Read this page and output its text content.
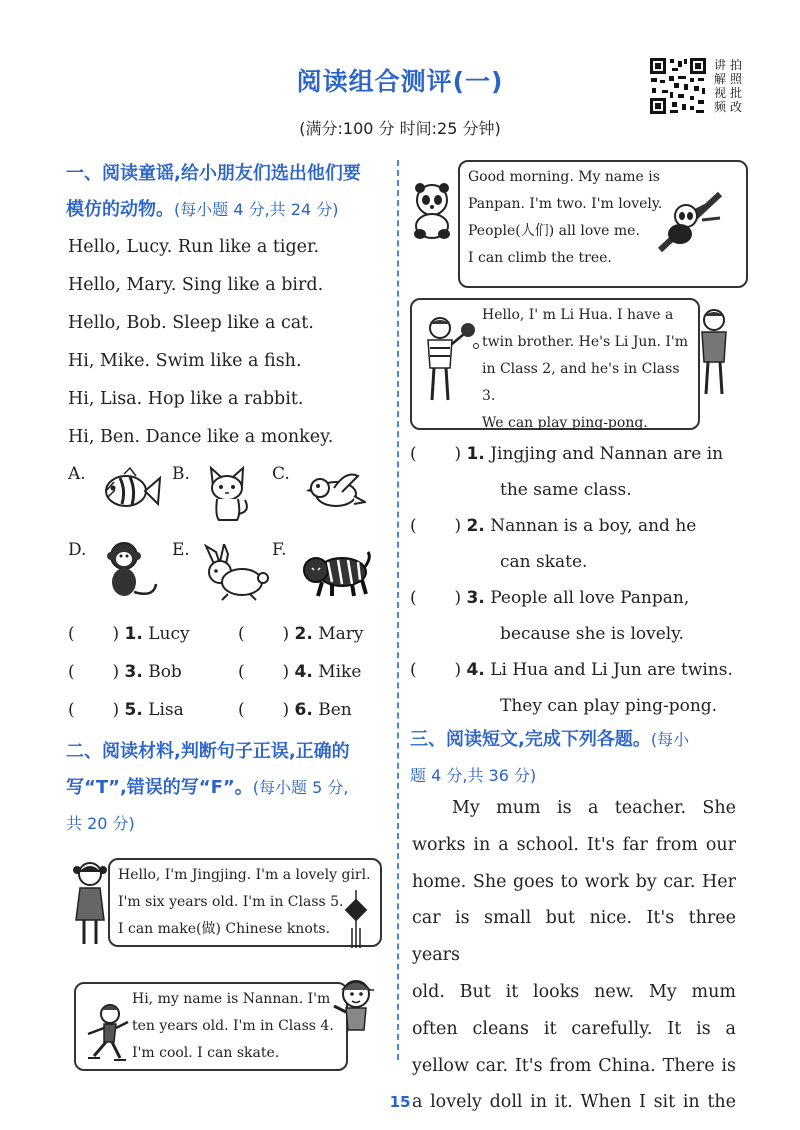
阅读组合测评(一)
(满分:100 分 时间:25 分钟)
讲 拍
解 照
视 批
频 改
一、阅读童谣,给小朋友们选出他们要
模仿的动物。(每小题 4 分,共 24 分)
Hello, Lucy. Run like a tiger.
Hello, Mary. Sing like a bird.
Hello, Bob. Sleep like a cat.
Hi, Mike. Swim like a fish.
Hi, Lisa. Hop like a rabbit.
Hi, Ben. Dance like a monkey.
A.	B.	C.
D.	E.	F.
(       ) 1. Lucy	(       ) 2. Mary
(       ) 3. Bob	(       ) 4. Mike
(       ) 5. Lisa	(       ) 6. Ben
二、阅读材料,判断句子正误,正确的
写“T”,错误的写“F”。(每小题 5 分,
共 20 分)
Hello, I'm Jingjing. I'm a lovely girl.
I'm six years old. I'm in Class 5.
I can make(做) Chinese knots.
Hi, my name is Nannan. I'm
ten years old. I'm in Class 4.
I'm cool. I can skate.
Good morning. My name is
Panpan. I'm two. I'm lovely.
People(人们) all love me.
I can climb the tree.
Hello, I' m Li Hua. I have a
twin brother. He's Li Jun. I'm
in Class 2, and he's in Class 3.
We can play ping-pong.
(       ) 1. Jingjing and Nannan are in
the same class.
(       ) 2. Nannan is a boy, and he
can skate.
(       ) 3. People all love Panpan,
because she is lovely.
(       ) 4. Li Hua and Li Jun are twins.
They can play ping-pong.
三、阅读短文,完成下列各题。(每小
题 4 分,共 36 分)
My mum is a teacher. She
works in a school. It's far from our
home. She goes to work by car. Her
car is small but nice. It's three years
old. But it looks new. My mum
often cleans it carefully. It is a
yellow car. It's from China. There is
a lovely doll in it. When I sit in the
15
